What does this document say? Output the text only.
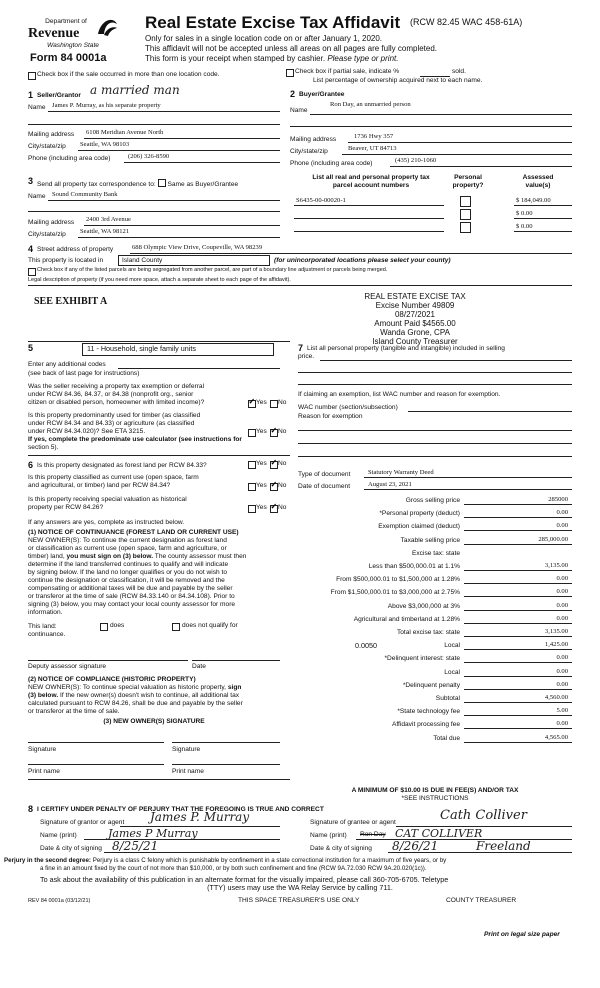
Department of
Revenue
Washington State
Form 84 0001a
Real Estate Excise Tax Affidavit (RCW 82.45 WAC 458-61A)
Only for sales in a single location code on or after January 1, 2020.
This affidavit will not be accepted unless all areas on all pages are fully completed.
This form is your receipt when stamped by cashier. Please type or print.
Check box if the sale occurred in more than one location code.	Check box if partial sale, indicate %	sold.
List percentage of ownership acquired next to each name.
1 Seller/Grantor a married man
Name James P. Murray, as his separate property
Mailing address 6108 Meridian Avenue North
City/state/zip Seattle, WA 98103
Phone (including area code)	(206) 326-8590
2 Buyer/Grantee
Name
Ron Day, an unmarried person
Mailing address	1736 Hwy 357
City/state/zip	Beaver, UT 84713
Phone (including area code)	(435) 210-1060
3 Send all property tax correspondence to: Same as Buyer/Grantee
Name Sound Community Bank
Mailing address 2400 3rd Avenue
City/state/zip Seattle, WA 98121
List all real and personal property tax
parcel account numbers
Personal
property?
Assessed
value(s)
S6435-00-00020-1	$ 184,049.00
$ 0.00
$ 0.00
4 Street address of property	688 Olympic View Drive, Coupeville, WA 98239
This property is located in	Island County	(for unincorporated locations please select your county)
Check box if any of the listed parcels are being segregated from another parcel, are part of a boundary line adjustment or parcels being merged.
Legal description of property (if you need more space, attach a separate sheet to each page of the affidavit).
SEE EXHIBIT A	REAL ESTATE EXCISE TAX
Excise Number 49809
08/27/2021
Amount Paid $4565.00
Wanda Grone, CPA
Island County Treasurer
5	11 - Household, single family units
Enter any additional codes
(see back of last page for instructions)
Was the seller receiving a property tax exemption or deferral
under RCW 84.36, 84.37, or 84.38 (nonprofit org., senior
citizen or disabled person, homeowner with limited income)? ✓	Yes No
Is this property predominantly used for timber (as classified
under RCW 84.34 and 84.33) or agriculture (as classified
under RCW 84.34.020)? See ETA 3215.	Yes ✓ No
If yes, complete the predominate use calculator (see instructions for
section 5).
7 List all personal property (tangible and intangible) included in selling
price.
If claiming an exemption, list WAC number and reason for exemption.
WAC number (section/subsection)
Reason for exemption
6 Is this property designated as forest land per RCW 84.33?	Yes ✓ No
Is this property classified as current use (open space, farm
and agricultural, or timber) land per RCW 84.34?	Yes ✓ No
Is this property receiving special valuation as historical
property per RCW 84.26?	Yes ✓ No
If any answers are yes, complete as instructed below.
(1) NOTICE OF CONTINUANCE (FOREST LAND OR CURRENT USE)
NEW OWNER(S): To continue the current designation as forest land
or classification as current use (open space, farm and agriculture, or
timber) land, you must sign on (3) below. The county assessor must then
determine if the land transferred continues to qualify and will indicate
by signing below. If the land no longer qualifies or you do not wish to
continue the designation or classification, it will be removed and the
compensating or additional taxes will be due and payable by the seller
or transferor at the time of sale (RCW 84.33.140 or 84.34.108). Prior to
signing (3) below, you may contact your local county assessor for more
information.
This land:	does	does not qualify for
continuance.
Deputy assessor signature	Date
(2) NOTICE OF COMPLIANCE (HISTORIC PROPERTY)
NEW OWNER(S): To continue special valuation as historic property, sign
(3) below. If the new owner(s) doesn't wish to continue, all additional tax
calculated pursuant to RCW 84.26, shall be due and payable by the seller
or transferor at the time of sale.
(3) NEW OWNER(S) SIGNATURE
Signature	Signature
Print name	Print name
Type of document	Statutory Warranty Deed
Date of document	August 23, 2021
Gross selling price	285000
*Personal property (deduct)	0.00
Exemption claimed (deduct)	0.00
Taxable selling price	285,000.00
Excise tax: state
Less than $500,000.01 at 1.1%	3,135.00
From $500,000.01 to $1,500,000 at 1.28%	0.00
From $1,500,000.01 to $3,000,000 at 2.75%	0.00
Above $3,000,000 at 3%	0.00
Agricultural and timberland at 1.28%	0.00
Total excise tax: state	3,135.00
Local
0.0050	1,425.00
*Delinquent interest: state	0.00
Local	0.00
*Delinquent penalty	0.00
Subtotal	4,560.00
*State technology fee	5.00
Affidavit processing fee	0.00
Total due	4,565.00
A MINIMUM OF $10.00 IS DUE IN FEE(S) AND/OR TAX
*SEE INSTRUCTIONS
8 I CERTIFY UNDER PENALTY OF PERJURY THAT THE FOREGOING IS TRUE AND CORRECT
Signature of grantor or agent James P. Murray
Name (print)	James P Murray
Date & city of signing 8/25/21
Signature of grantee or agent	Cath Colliver
Name (print) Ron Day CAT COLLIVER
Date & city of signing 8/26/21	Freeland
Perjury in the second degree: Perjury is a class C felony which is punishable by confinement in a state correctional institution for a maximum of five years, or by
a fine in an amount fixed by the court of not more than $10,000, or by both such confinement and fine (RCW 9A.72.030 RCW 9A.20.020(1c)).
To ask about the availability of this publication in an alternate format for the visually impaired, please call 360-705-6705. Teletype
(TTY) users may use the WA Relay Service by calling 711.
REV 84 0001a (03/12/21)	THIS SPACE TREASURER'S USE ONLY	COUNTY TREASURER
Print on legal size paper
